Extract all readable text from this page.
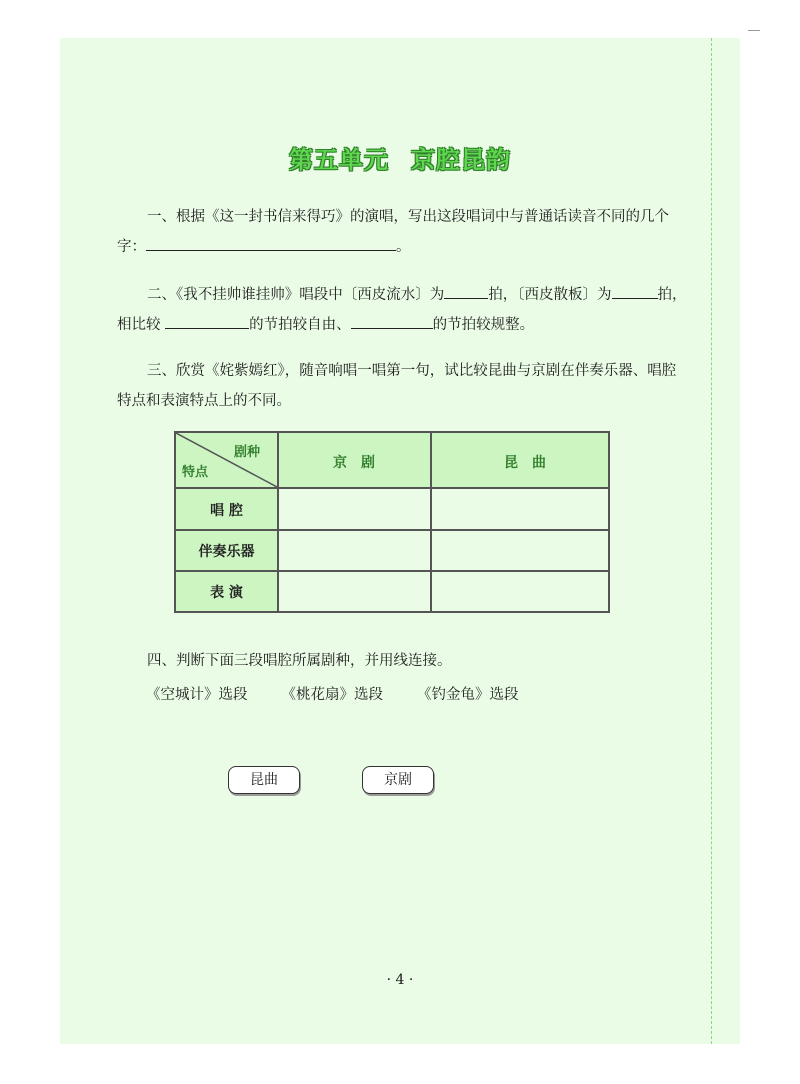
第五单元 京腔昆韵
一、根据《这一封书信来得巧》的演唱，写出这段唱词中与普通话读音不同的几个字：	。
二、《我不挂帅谁挂帅》唱段中〔西皮流水〕为	拍，〔西皮散板〕为	拍，相比较	的节拍较自由、	的节拍较规整。
三、欣赏《姹紫嫣红》，随音响唱一唱第一句，试比较昆曲与京剧在伴奏乐器、唱腔特点和表演特点上的不同。
剧种
特点
京剧	昆曲
唱 腔
伴奏乐器
表 演
四、判断下面三段唱腔所属剧种，并用线连接。
《空城计》选段 《桃花扇》选段 《钓金龟》选段
昆曲	京剧
· 4 ·
